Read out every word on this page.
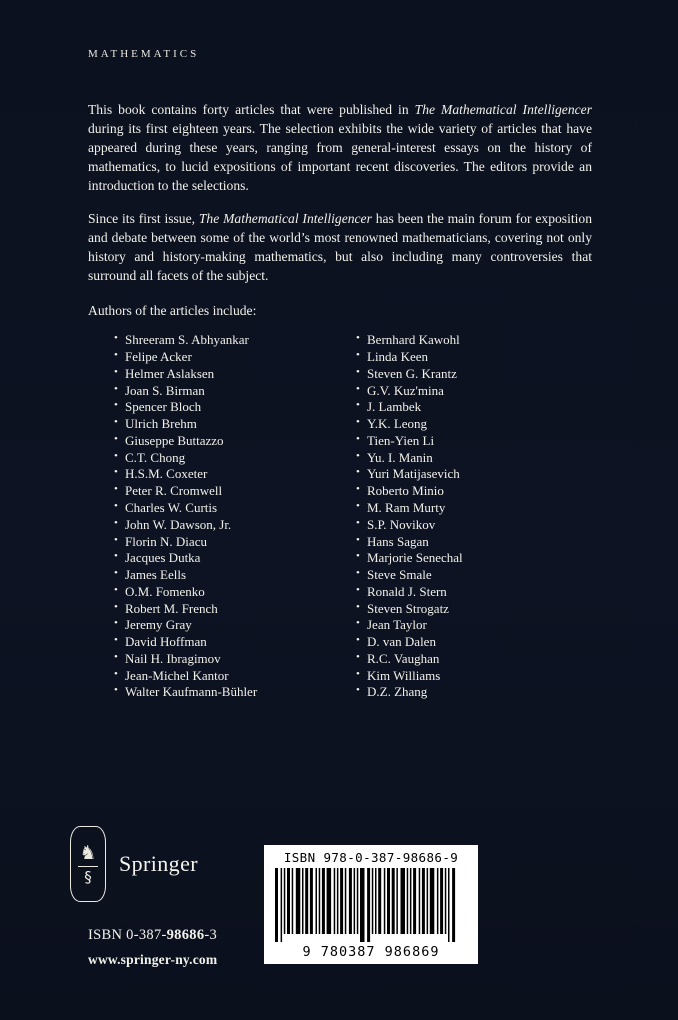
MATHEMATICS

This book contains forty articles that were published in The Mathematical Intelligencer during its first eighteen years. The selection exhibits the wide variety of articles that have appeared during these years, ranging from general-interest essays on the history of mathematics, to lucid expositions of important recent discoveries. The editors provide an introduction to the selections.

Since its first issue, The Mathematical Intelligencer has been the main forum for exposition and debate between some of the world’s most renowned mathematicians, covering not only history and history-making mathematics, but also including many controversies that surround all facets of the subject.

Authors of the articles include:
• Shreeram S. Abhyankar
• Felipe Acker
• Helmer Aslaksen
• Joan S. Birman
• Spencer Bloch
• Ulrich Brehm
• Giuseppe Buttazzo
• C.T. Chong
• H.S.M. Coxeter
• Peter R. Cromwell
• Charles W. Curtis
• John W. Dawson, Jr.
• Florin N. Diacu
• Jacques Dutka
• James Eells
• O.M. Fomenko
• Robert M. French
• Jeremy Gray
• David Hoffman
• Nail H. Ibragimov
• Jean-Michel Kantor
• Walter Kaufmann-Bühler
• Bernhard Kawohl
• Linda Keen
• Steven G. Krantz
• G.V. Kuz'mina
• J. Lambek
• Y.K. Leong
• Tien-Yien Li
• Yu. I. Manin
• Yuri Matijasevich
• Roberto Minio
• M. Ram Murty
• S.P. Novikov
• Hans Sagan
• Marjorie Senechal
• Steve Smale
• Ronald J. Stern
• Steven Strogatz
• Jean Taylor
• D. van Dalen
• R.C. Vaughan
• Kim Williams
• D.Z. Zhang
♞
§
Springer	ISBN 978-0-387-98686-9
9 780387 986869
ISBN 0-387-98686-3
www.springer-ny.com
